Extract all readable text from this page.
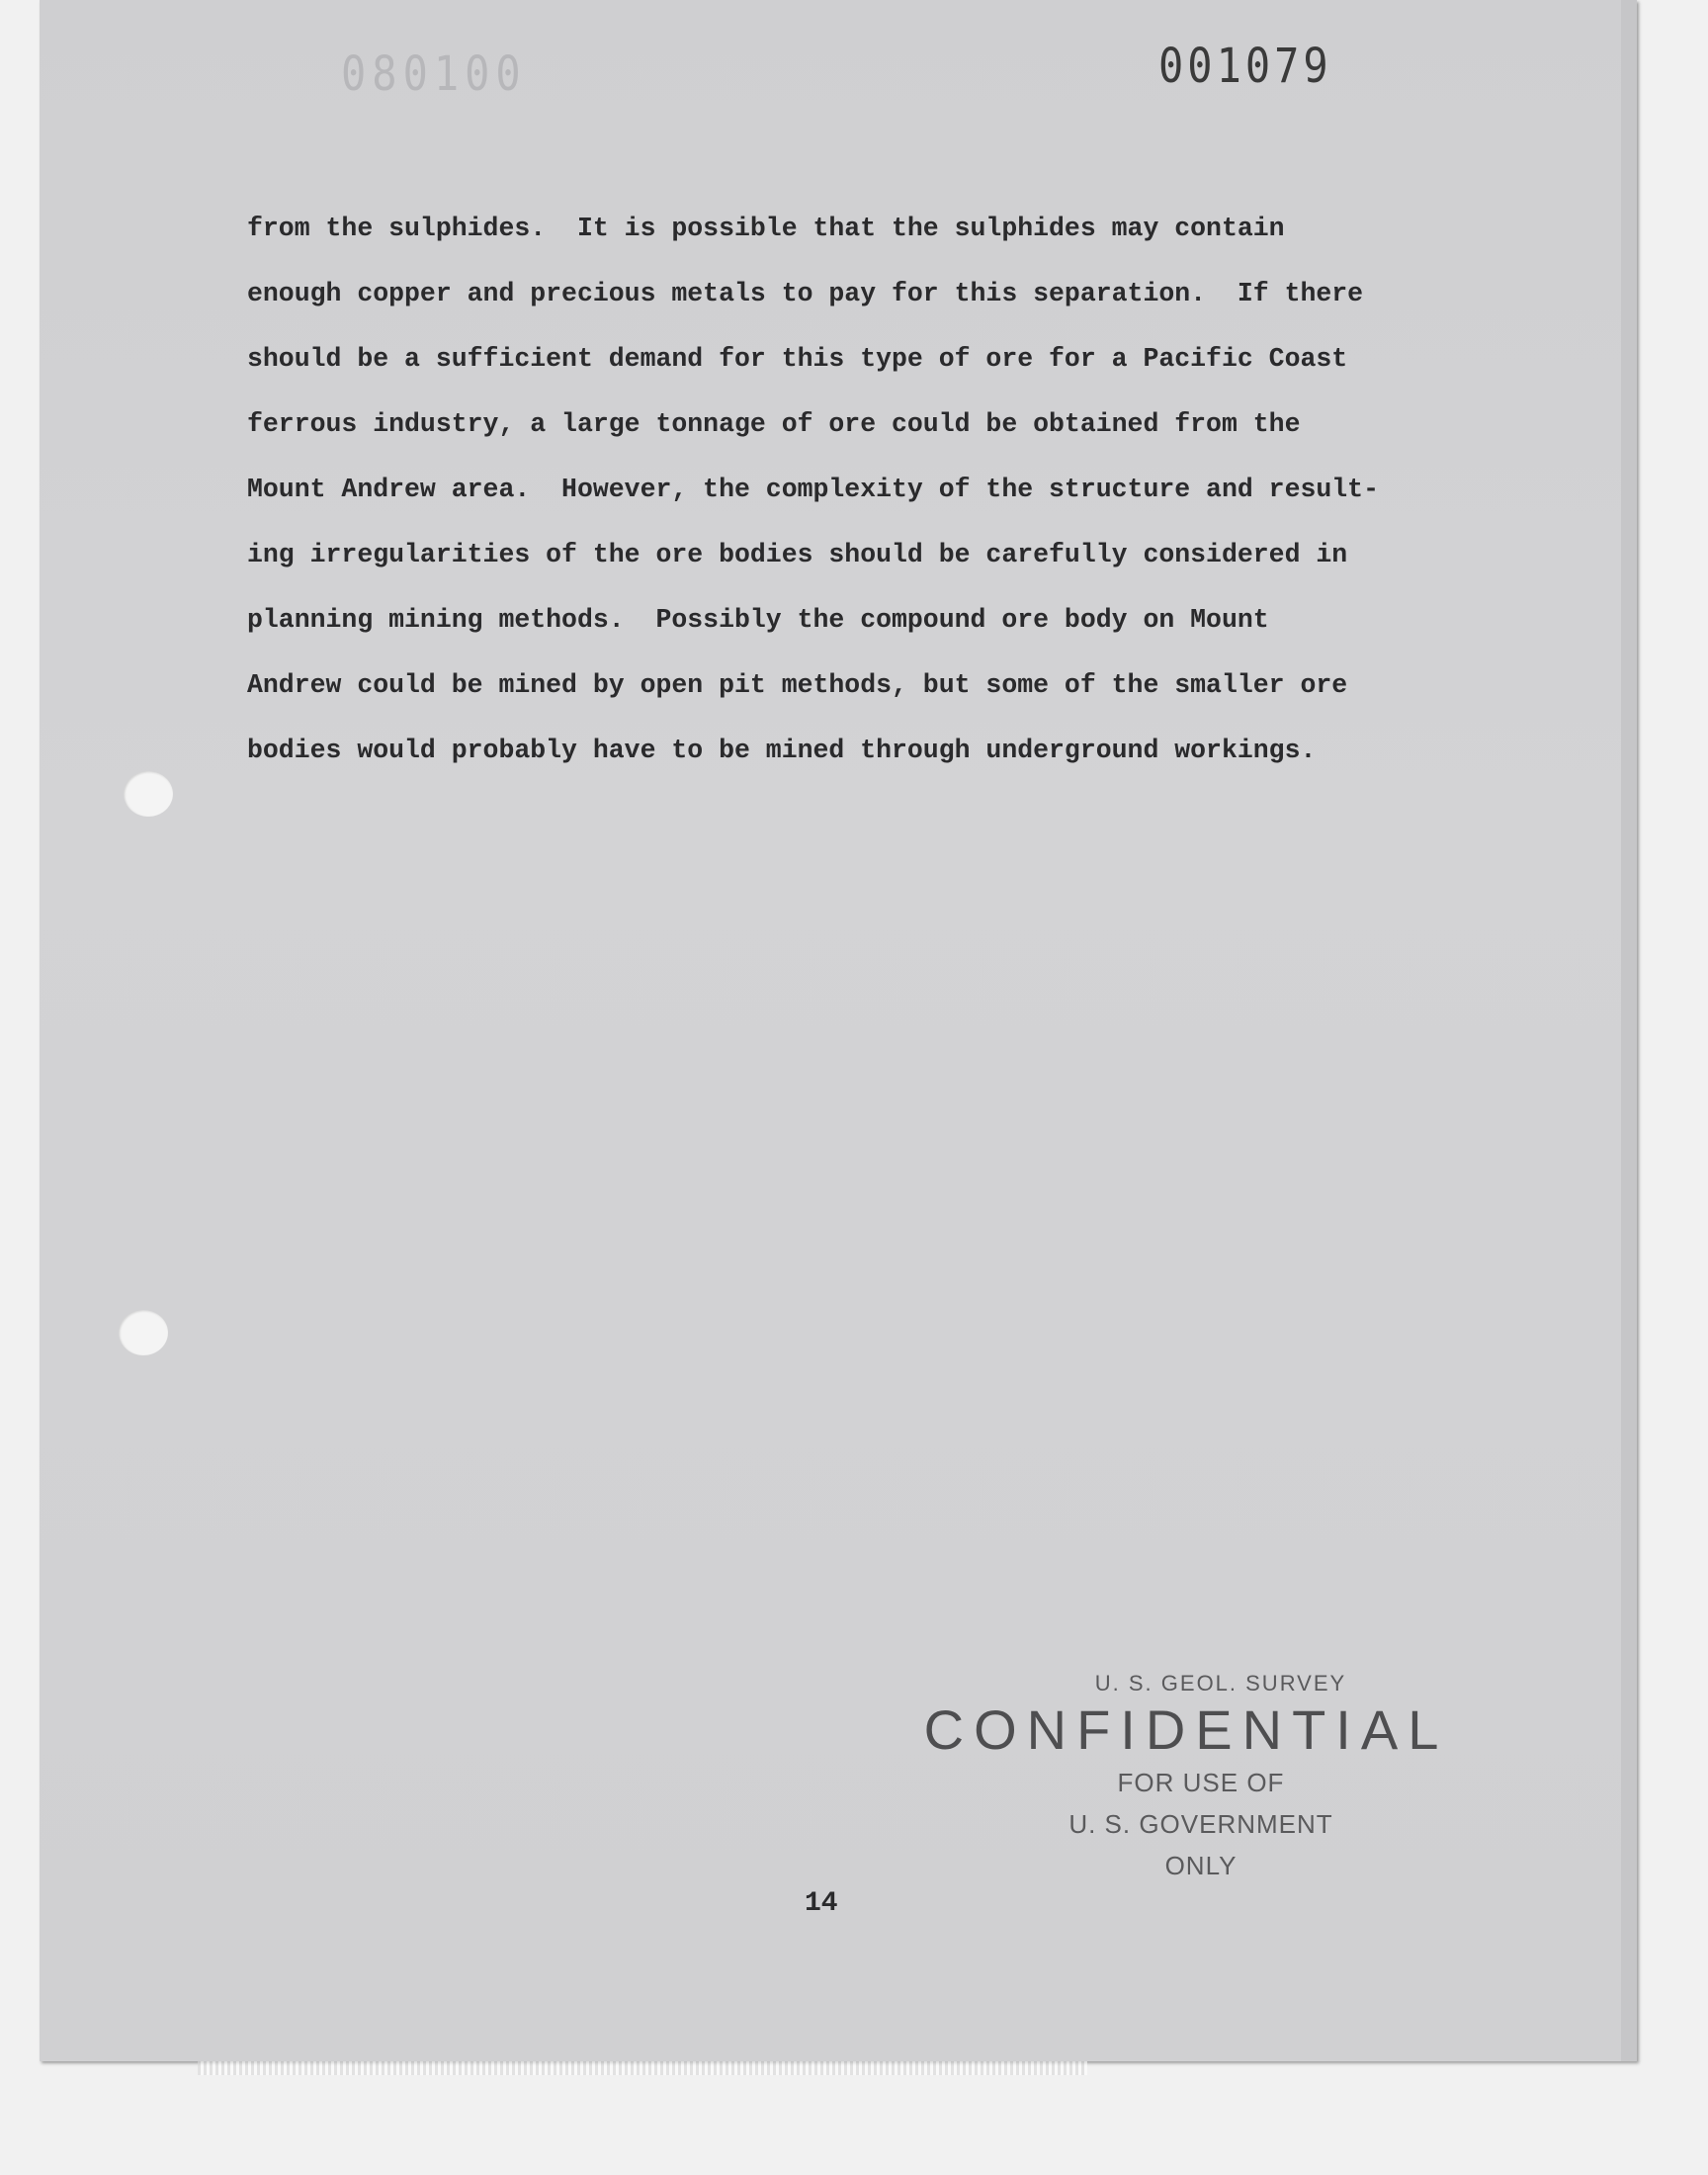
080100	001079
from the sulphides.  It is possible that the sulphides may contain
enough copper and precious metals to pay for this separation.  If there
should be a sufficient demand for this type of ore for a Pacific Coast
ferrous industry, a large tonnage of ore could be obtained from the
Mount Andrew area.  However, the complexity of the structure and result-
ing irregularities of the ore bodies should be carefully considered in
planning mining methods.  Possibly the compound ore body on Mount
Andrew could be mined by open pit methods, but some of the smaller ore
bodies would probably have to be mined through underground workings.
U. S. GEOL. SURVEY
CONFIDENTIAL
FOR USE OF
U. S. GOVERNMENT
ONLY
14
